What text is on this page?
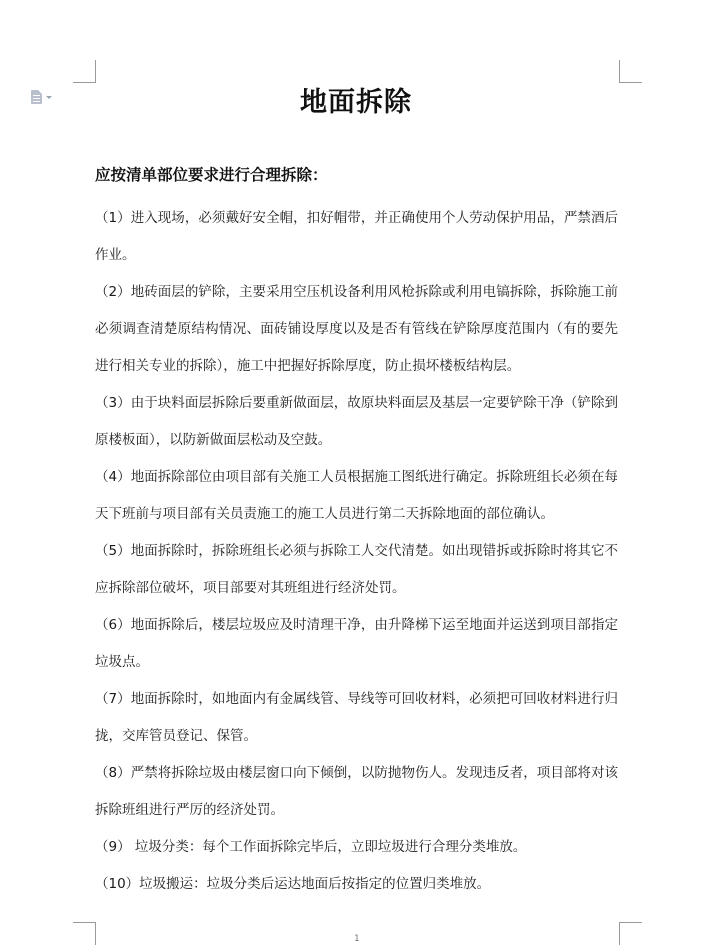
地面拆除
应按清单部位要求进行合理拆除：

（1）进入现场，必须戴好安全帽，扣好帽带，并正确使用个人劳动保护用品，严禁酒后作业。

（2）地砖面层的铲除，主要采用空压机设备利用风枪拆除或利用电镐拆除，拆除施工前必须调查清楚原结构情况、面砖铺设厚度以及是否有管线在铲除厚度范围内（有的要先进行相关专业的拆除），施工中把握好拆除厚度，防止损坏楼板结构层。

（3）由于块料面层拆除后要重新做面层，故原块料面层及基层一定要铲除干净（铲除到原楼板面），以防新做面层松动及空鼓。

（4）地面拆除部位由项目部有关施工人员根据施工图纸进行确定。拆除班组长必须在每天下班前与项目部有关员责施工的施工人员进行第二天拆除地面的部位确认。

（5）地面拆除时，拆除班组长必须与拆除工人交代清楚。如出现错拆或拆除时将其它不应拆除部位破坏，项目部要对其班组进行经济处罚。

（6）地面拆除后，楼层垃圾应及时清理干净，由升降梯下运至地面并运送到项目部指定垃圾点。

（7）地面拆除时，如地面内有金属线管、导线等可回收材料，必须把可回收材料进行归拢，交库管员登记、保管。

（8）严禁将拆除垃圾由楼层窗口向下倾倒，以防抛物伤人。发现违反者，项目部将对该拆除班组进行严厉的经济处罚。

（9） 垃圾分类：每个工作面拆除完毕后，立即垃圾进行合理分类堆放。

（10）垃圾搬运：垃圾分类后运达地面后按指定的位置归类堆放。

1
